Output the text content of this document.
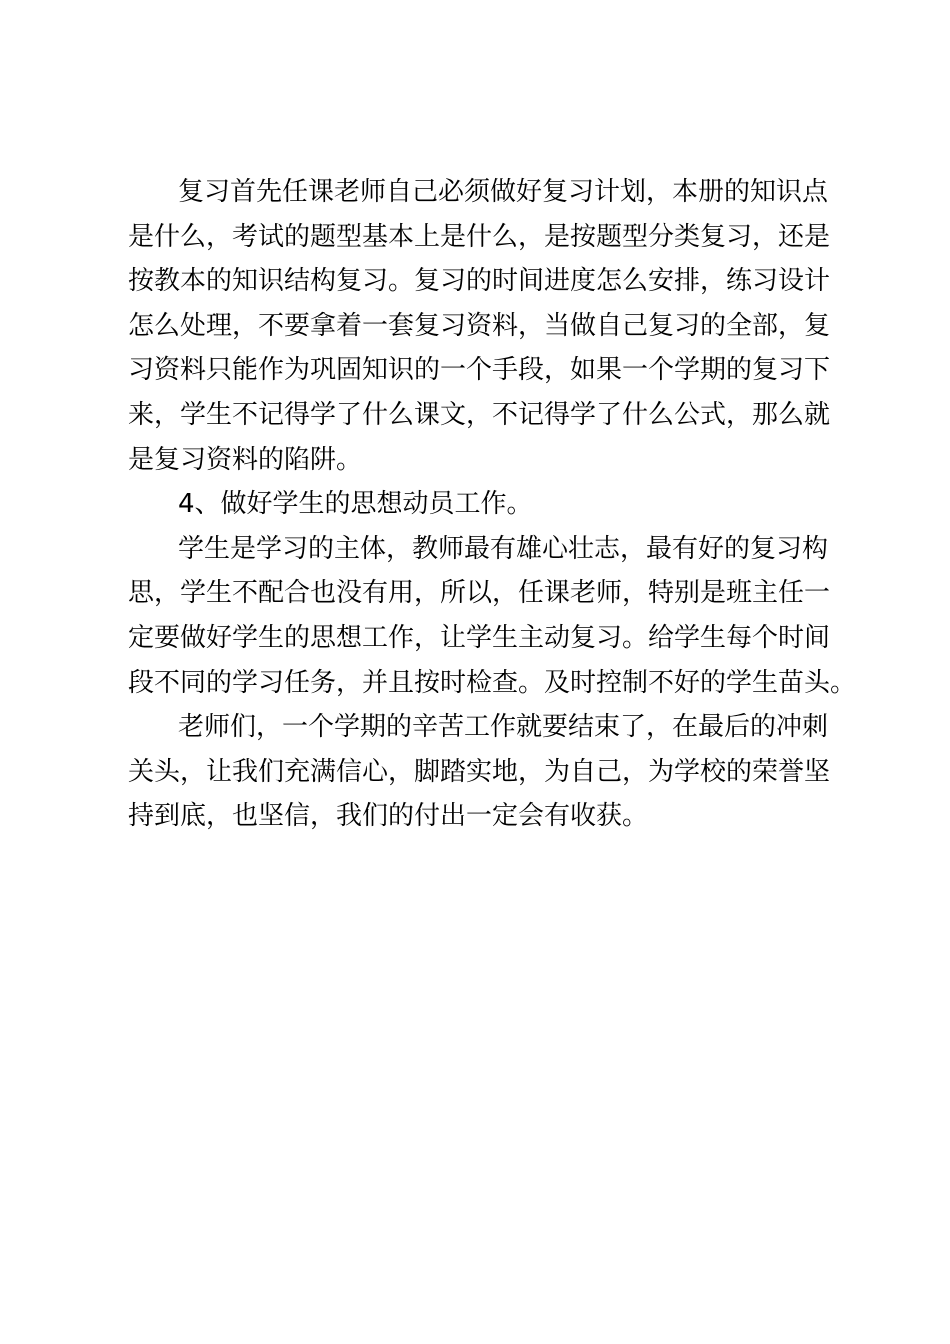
复习首先任课老师自己必须做好复习计划，本册的知识点
是什么，考试的题型基本上是什么，是按题型分类复习，还是
按教本的知识结构复习。复习的时间进度怎么安排，练习设计
怎么处理，不要拿着一套复习资料，当做自己复习的全部，复
习资料只能作为巩固知识的一个手段，如果一个学期的复习下
来，学生不记得学了什么课文，不记得学了什么公式，那么就
是复习资料的陷阱。
4、做好学生的思想动员工作。
学生是学习的主体，教师最有雄心壮志，最有好的复习构
思，学生不配合也没有用，所以，任课老师，特别是班主任一
定要做好学生的思想工作，让学生主动复习。给学生每个时间
段不同的学习任务，并且按时检查。及时控制不好的学生苗头。
老师们，一个学期的辛苦工作就要结束了，在最后的冲刺
关头，让我们充满信心，脚踏实地，为自己，为学校的荣誉坚
持到底，也坚信，我们的付出一定会有收获。
